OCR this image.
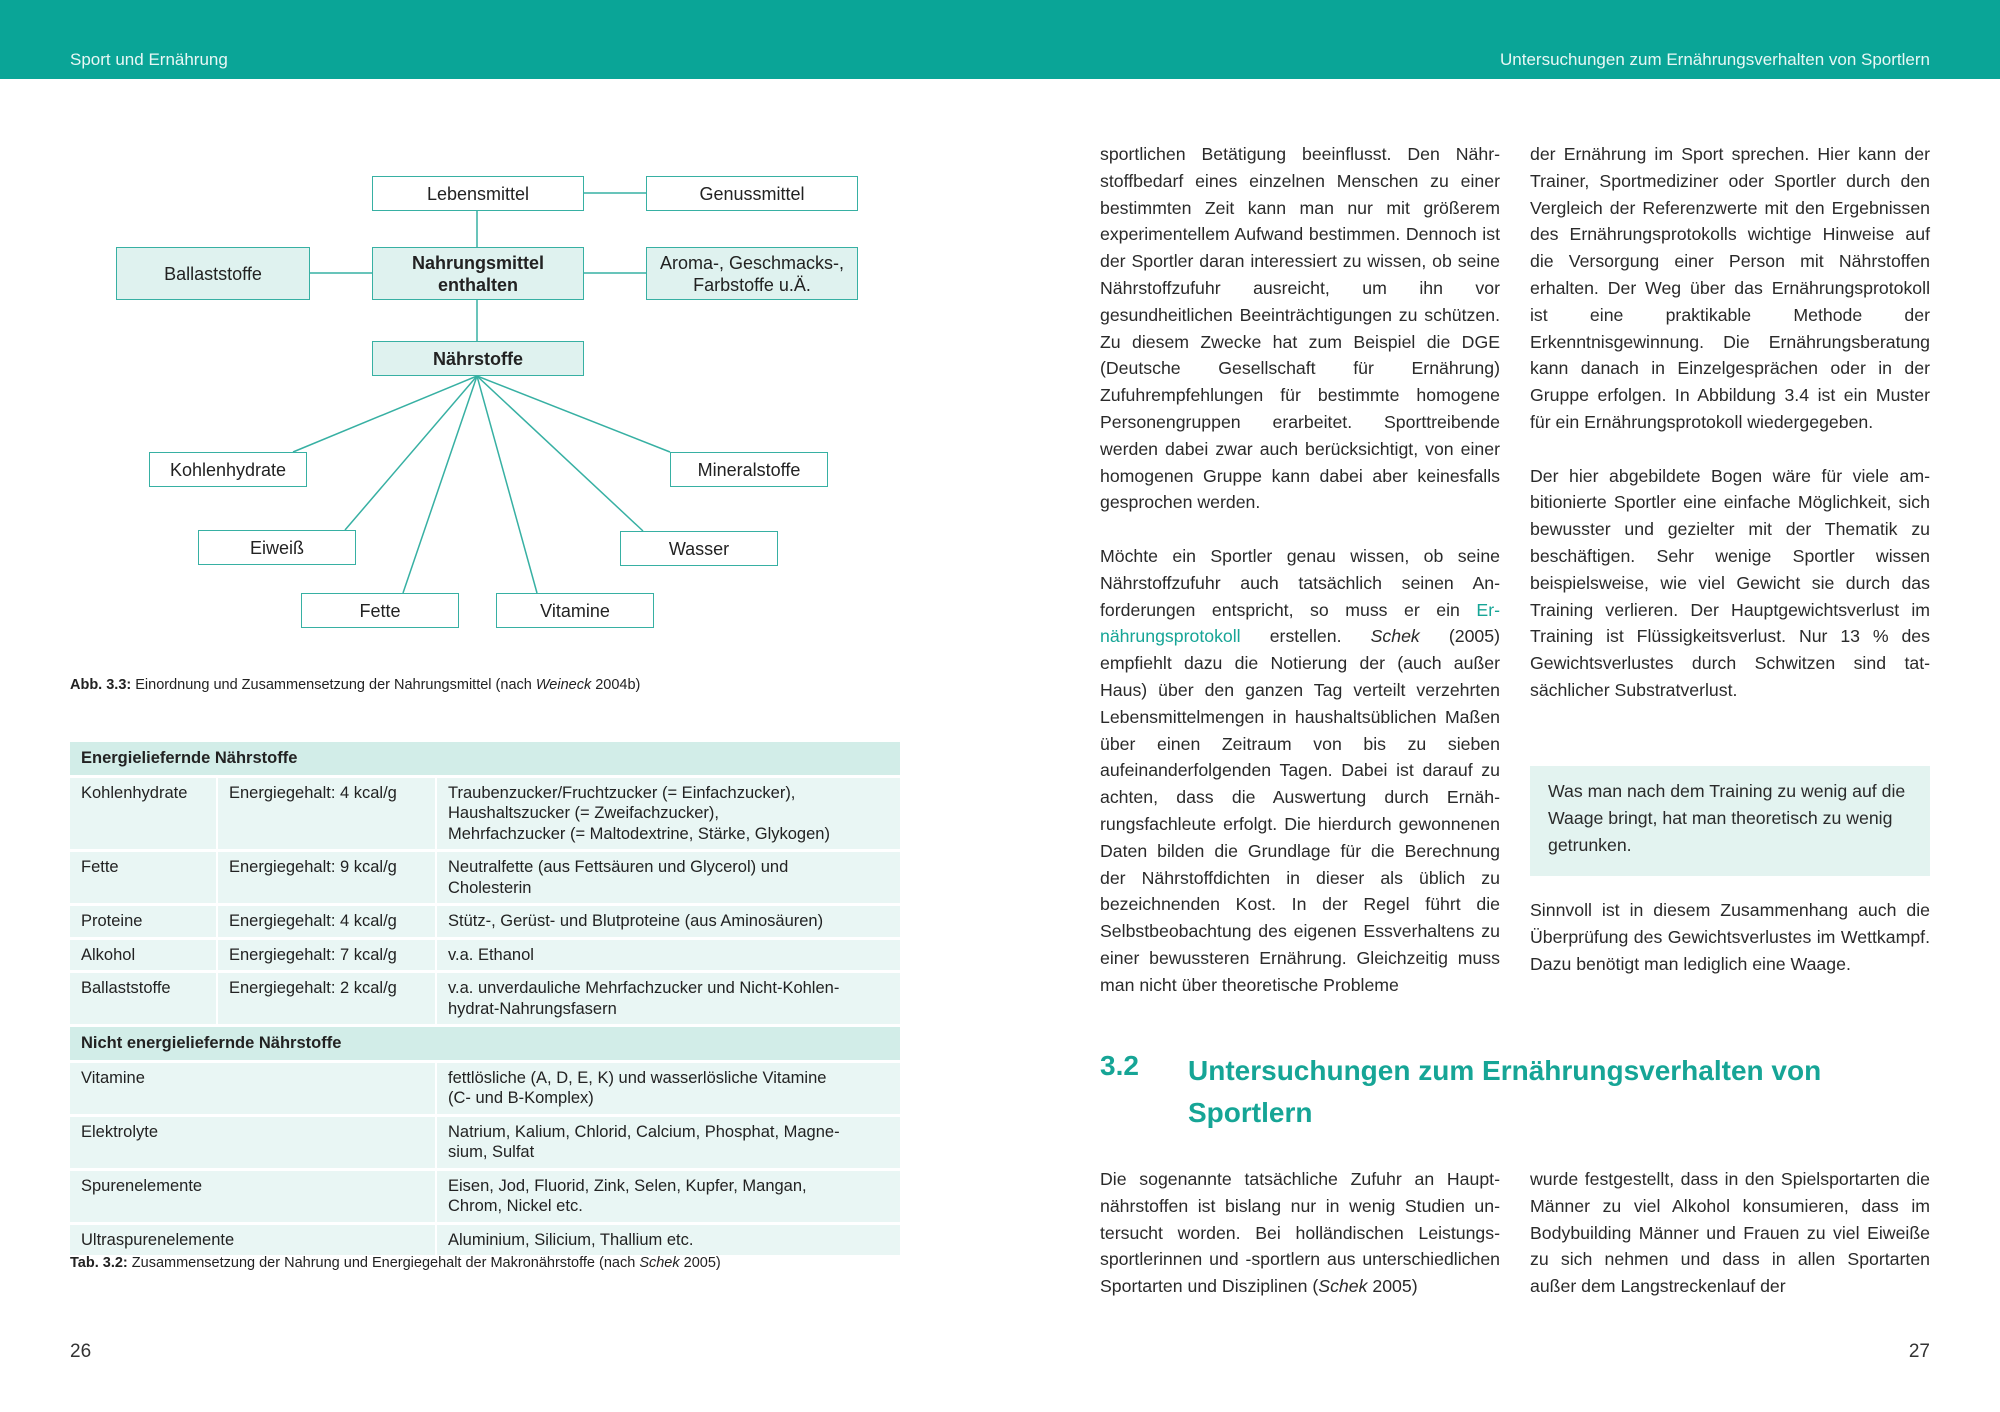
Sport und Ernährung	Untersuchungen zum Ernährungsverhalten von Sportlern
Lebensmittel	Genussmittel
Ballaststoffe
Nahrungsmittel
enthalten
Aroma-, Geschmacks-,
Farbstoffe u.Ä.
Nährstoffe
Kohlenhydrate	Mineralstoffe
Eiweiß	Wasser
Fette	Vitamine
Abb. 3.3: Einordnung und Zusammensetzung der Nahrungsmittel (nach Weineck 2004b)
Energieliefernde Nährstoffe		
Kohlenhydrate	Energiegehalt: 4 kcal/g	Traubenzucker/Fruchtzucker (= Einfachzucker),
Haushaltszucker (= Zweifachzucker),
Mehrfachzucker (= Maltodextrine, Stärke, Glykogen)

Fette	Energiegehalt: 9 kcal/g	Neutralfette (aus Fettsäuren und Glycerol) und
Cholesterin

Proteine	Energiegehalt: 4 kcal/g	Stütz-, Gerüst- und Blutproteine (aus Aminosäuren)
Alkohol	Energiegehalt: 7 kcal/g	v.a. Ethanol
Ballaststoffe	Energiegehalt: 2 kcal/g	v.a. unverdauliche Mehrfachzucker und Nicht-Kohlen-
hydrat-Nahrungsfasern

Nicht energieliefernde Nährstoffe		
Vitamine		fettlösliche (A, D, E, K) und wasserlösliche Vitamine
(C- und B-Komplex)

Elektrolyte		Natrium, Kalium, Chlorid, Calcium, Phosphat, Magne-
sium, Sulfat

Spurenelemente		Eisen, Jod, Fluorid, Zink, Selen, Kupfer, Mangan,
Chrom, Nickel etc.

Ultraspurenelemente		Aluminium, Silicium, Thallium etc.
Tab. 3.2: Zusammensetzung der Nahrung und Energiegehalt der Makronährstoffe (nach Schek 2005)
26	27

sportlichen Betätigung beeinflusst. Den Nährstoffbedarf eines einzelnen Menschen zu einer bestimmten Zeit kann man nur mit größerem experimentellem Aufwand bestimmen. Dennoch ist der Sportler daran interessiert zu wissen, ob seine Nährstoffzufuhr ausreicht, um ihn vor gesundheitlichen Beeinträchtigungen zu schützen. Zu diesem Zwecke hat zum Beispiel die DGE (Deutsche Gesellschaft für Ernährung) Zufuhrempfehlungen für bestimmte homogene Personengruppen erarbeitet. Sporttreibende werden dabei zwar auch berücksichtigt, von einer homogenen Gruppe kann dabei aber keinesfalls gesprochen werden.

Möchte ein Sportler genau wissen, ob seine Nährstoffzufuhr auch tatsächlich seinen Anforderungen entspricht, so muss er ein Ernährungsprotokoll erstellen. Schek (2005) empfiehlt dazu die Notierung der (auch außer Haus) über den ganzen Tag verteilt verzehrten Lebensmittelmengen in haushaltsüblichen Maßen über einen Zeitraum von bis zu sieben aufeinanderfolgenden Tagen. Dabei ist darauf zu achten, dass die Auswertung durch Ernährungsfachleute erfolgt. Die hierdurch gewonnenen Daten bilden die Grundlage für die Berechnung der Nährstoffdichten in dieser als üblich zu bezeichnenden Kost. In der Regel führt die Selbstbeobachtung des eigenen Essverhaltens zu einer bewussteren Ernährung. Gleichzeitig muss man nicht über theoretische Probleme

der Ernährung im Sport sprechen. Hier kann der Trainer, Sportmediziner oder Sportler durch den Vergleich der Referenzwerte mit den Ergebnissen des Ernährungsprotokolls wichtige Hinweise auf die Versorgung einer Person mit Nährstoffen erhalten. Der Weg über das Ernährungsprotokoll ist eine praktikable Methode der Erkenntnisgewinnung. Die Ernährungsberatung kann danach in Einzelgesprächen oder in der Gruppe erfolgen. In Abbildung 3.4 ist ein Muster für ein Ernährungsprotokoll wiedergegeben.

Der hier abgebildete Bogen wäre für viele ambitionierte Sportler eine einfache Möglichkeit, sich bewusster und gezielter mit der Thematik zu beschäftigen. Sehr wenige Sportler wissen beispielsweise, wie viel Gewicht sie durch das Training verlieren. Der Hauptgewichtsverlust im Training ist Flüssigkeitsverlust. Nur 13 % des Gewichtsverlustes durch Schwitzen sind tatsächlicher Substratverlust.

Was man nach dem Training zu wenig auf die Waage bringt, hat man theoretisch zu wenig getrunken.

Sinnvoll ist in diesem Zusammenhang auch die Überprüfung des Gewichtsverlustes im Wettkampf. Dazu benötigt man lediglich eine Waage.

3.2 Untersuchungen zum Ernährungsverhalten von Sportlern

Die sogenannte tatsächliche Zufuhr an Hauptnährstoffen ist bislang nur in wenig Studien untersucht worden. Bei holländischen Leistungssportlerinnen und -sportlern aus unterschiedlichen Sportarten und Disziplinen (Schek 2005)

wurde festgestellt, dass in den Spielsportarten die Männer zu viel Alkohol konsumieren, dass im Bodybuilding Männer und Frauen zu viel Eiweiße zu sich nehmen und dass in allen Sportarten außer dem Langstreckenlauf der
